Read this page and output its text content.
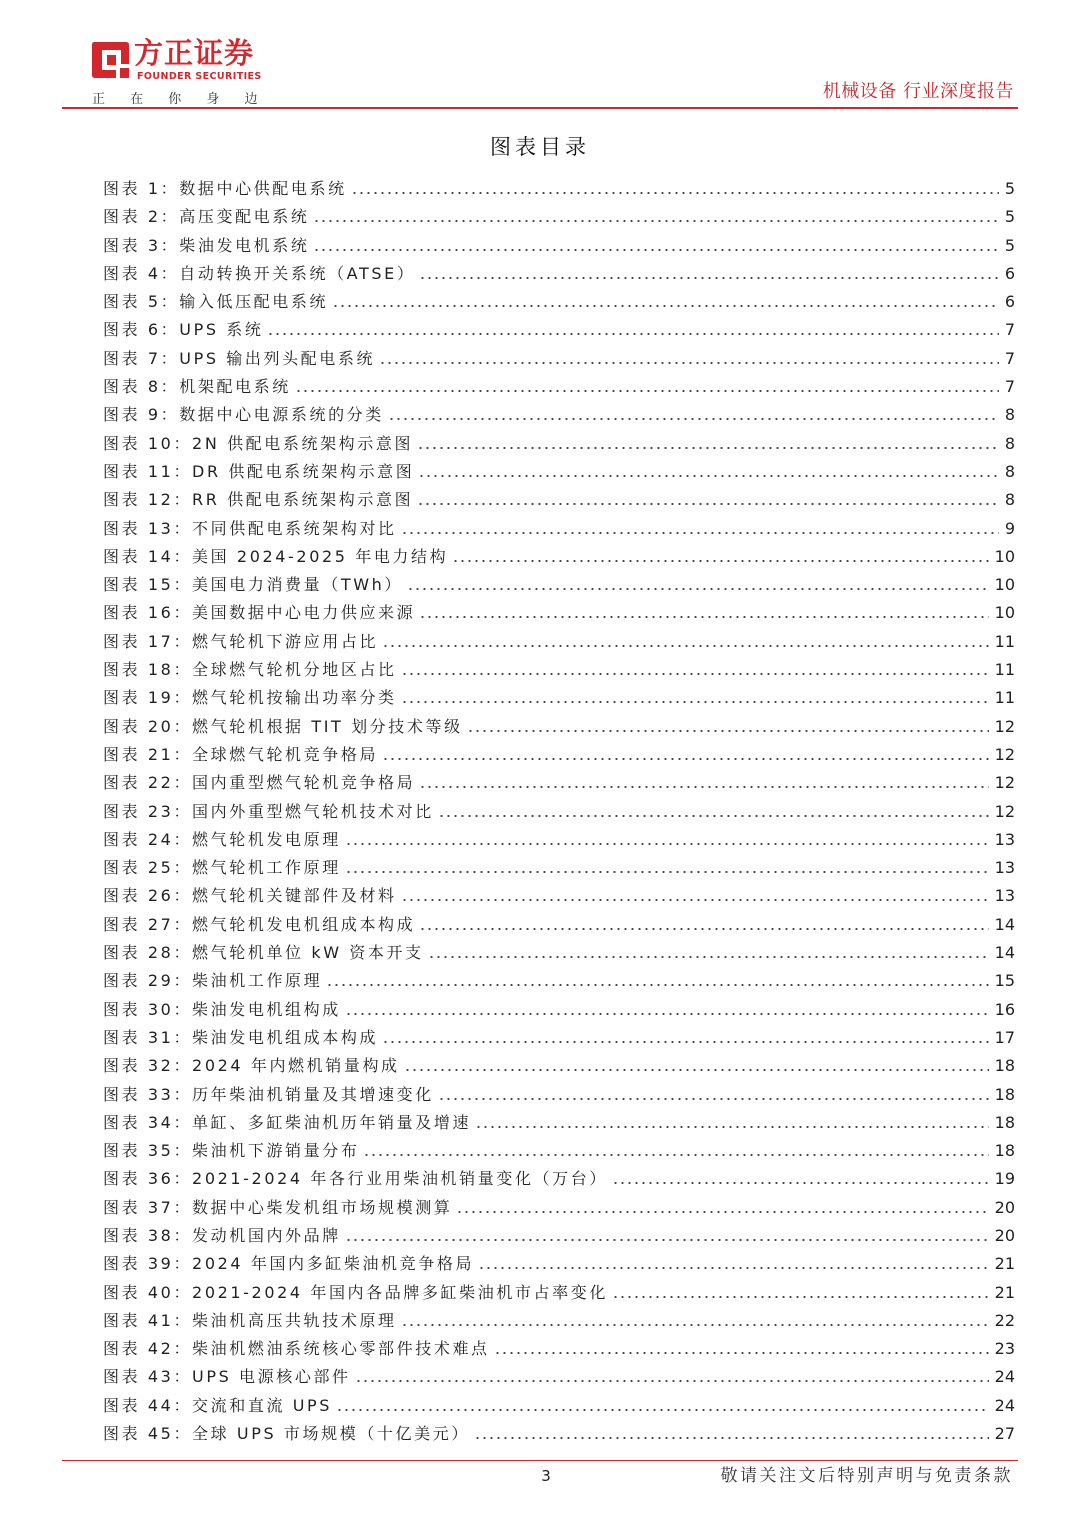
方正证券
FOUNDER SECURITIES
正 在 你 身 边	机械设备 行业深度报告
图表目录
图表 1： 数据中心供配电系统	5
图表 2： 高压变配电系统	5
图表 3： 柴油发电机系统	5
图表 4： 自动转换开关系统（ATSE）	6
图表 5： 输入低压配电系统	6
图表 6： UPS 系统	7
图表 7： UPS 输出列头配电系统	7
图表 8： 机架配电系统	7
图表 9： 数据中心电源系统的分类	8
图表 10： 2N 供配电系统架构示意图	8
图表 11： DR 供配电系统架构示意图	8
图表 12： RR 供配电系统架构示意图	8
图表 13： 不同供配电系统架构对比	9
图表 14： 美国 2024-2025 年电力结构	10
图表 15： 美国电力消费量（TWh）	10
图表 16： 美国数据中心电力供应来源	10
图表 17： 燃气轮机下游应用占比	11
图表 18： 全球燃气轮机分地区占比	11
图表 19： 燃气轮机按输出功率分类	11
图表 20： 燃气轮机根据 TIT 划分技术等级	12
图表 21： 全球燃气轮机竞争格局	12
图表 22： 国内重型燃气轮机竞争格局	12
图表 23： 国内外重型燃气轮机技术对比	12
图表 24： 燃气轮机发电原理	13
图表 25： 燃气轮机工作原理	13
图表 26： 燃气轮机关键部件及材料	13
图表 27： 燃气轮机发电机组成本构成	14
图表 28： 燃气轮机单位 kW 资本开支	14
图表 29： 柴油机工作原理	15
图表 30： 柴油发电机组构成	16
图表 31： 柴油发电机组成本构成	17
图表 32： 2024 年内燃机销量构成	18
图表 33： 历年柴油机销量及其增速变化	18
图表 34： 单缸、多缸柴油机历年销量及增速	18
图表 35： 柴油机下游销量分布	18
图表 36： 2021-2024 年各行业用柴油机销量变化（万台）	19
图表 37： 数据中心柴发机组市场规模测算	20
图表 38： 发动机国内外品牌	20
图表 39： 2024 年国内多缸柴油机竞争格局	21
图表 40： 2021-2024 年国内各品牌多缸柴油机市占率变化	21
图表 41： 柴油机高压共轨技术原理	22
图表 42： 柴油机燃油系统核心零部件技术难点	23
图表 43： UPS 电源核心部件	24
图表 44： 交流和直流 UPS	24
图表 45： 全球 UPS 市场规模（十亿美元）	27
3	敬请关注文后特别声明与免责条款
